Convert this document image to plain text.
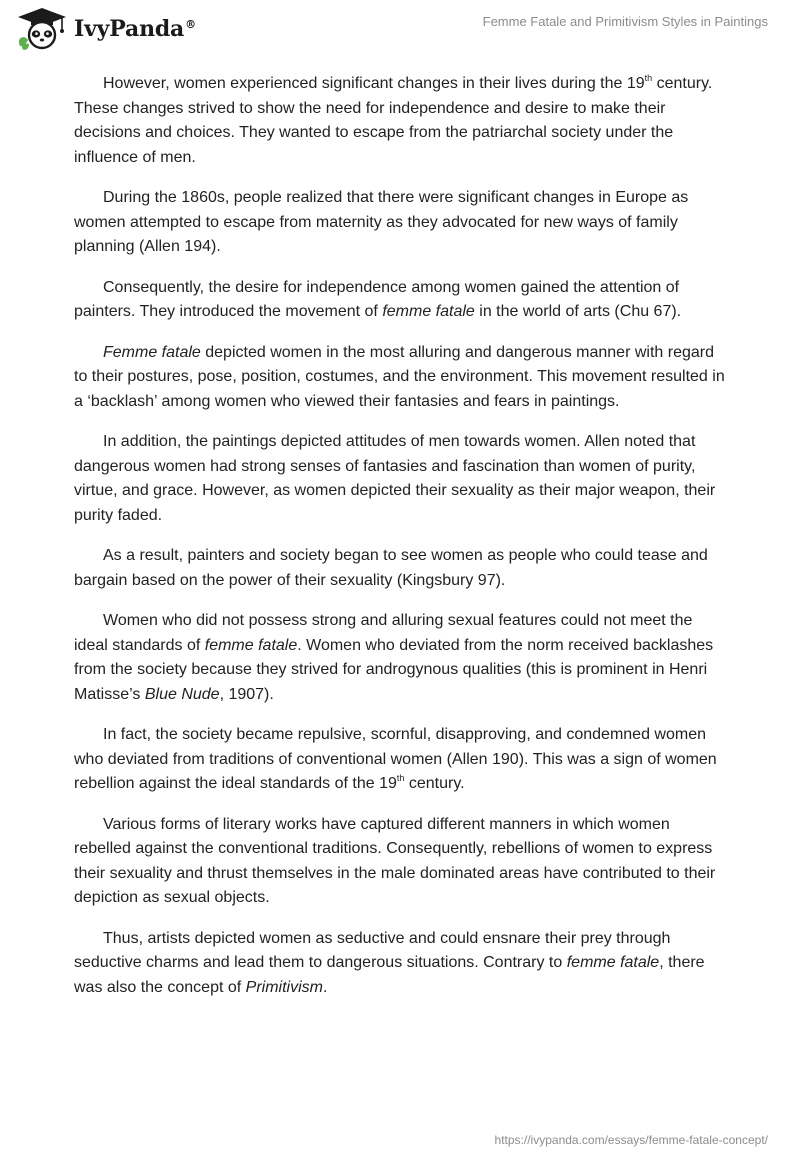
IvyPanda®	Femme Fatale and Primitivism Styles in Paintings

However, women experienced significant changes in their lives during the 19th century. These changes strived to show the need for independence and desire to make their decisions and choices. They wanted to escape from the patriarchal society under the influence of men.

During the 1860s, people realized that there were significant changes in Europe as women attempted to escape from maternity as they advocated for new ways of family planning (Allen 194).

Consequently, the desire for independence among women gained the attention of painters. They introduced the movement of femme fatale in the world of arts (Chu 67).

Femme fatale depicted women in the most alluring and dangerous manner with regard to their postures, pose, position, costumes, and the environment. This movement resulted in a ‘backlash’ among women who viewed their fantasies and fears in paintings.

In addition, the paintings depicted attitudes of men towards women. Allen noted that dangerous women had strong senses of fantasies and fascination than women of purity, virtue, and grace. However, as women depicted their sexuality as their major weapon, their purity faded.

As a result, painters and society began to see women as people who could tease and bargain based on the power of their sexuality (Kingsbury 97).

Women who did not possess strong and alluring sexual features could not meet the ideal standards of femme fatale. Women who deviated from the norm received backlashes from the society because they strived for androgynous qualities (this is prominent in Henri Matisse’s Blue Nude, 1907).

In fact, the society became repulsive, scornful, disapproving, and condemned women who deviated from traditions of conventional women (Allen 190). This was a sign of women rebellion against the ideal standards of the 19th century.

Various forms of literary works have captured different manners in which women rebelled against the conventional traditions. Consequently, rebellions of women to express their sexuality and thrust themselves in the male dominated areas have contributed to their depiction as sexual objects.

Thus, artists depicted women as seductive and could ensnare their prey through seductive charms and lead them to dangerous situations. Contrary to femme fatale, there was also the concept of Primitivism.

https://ivypanda.com/essays/femme-fatale-concept/
